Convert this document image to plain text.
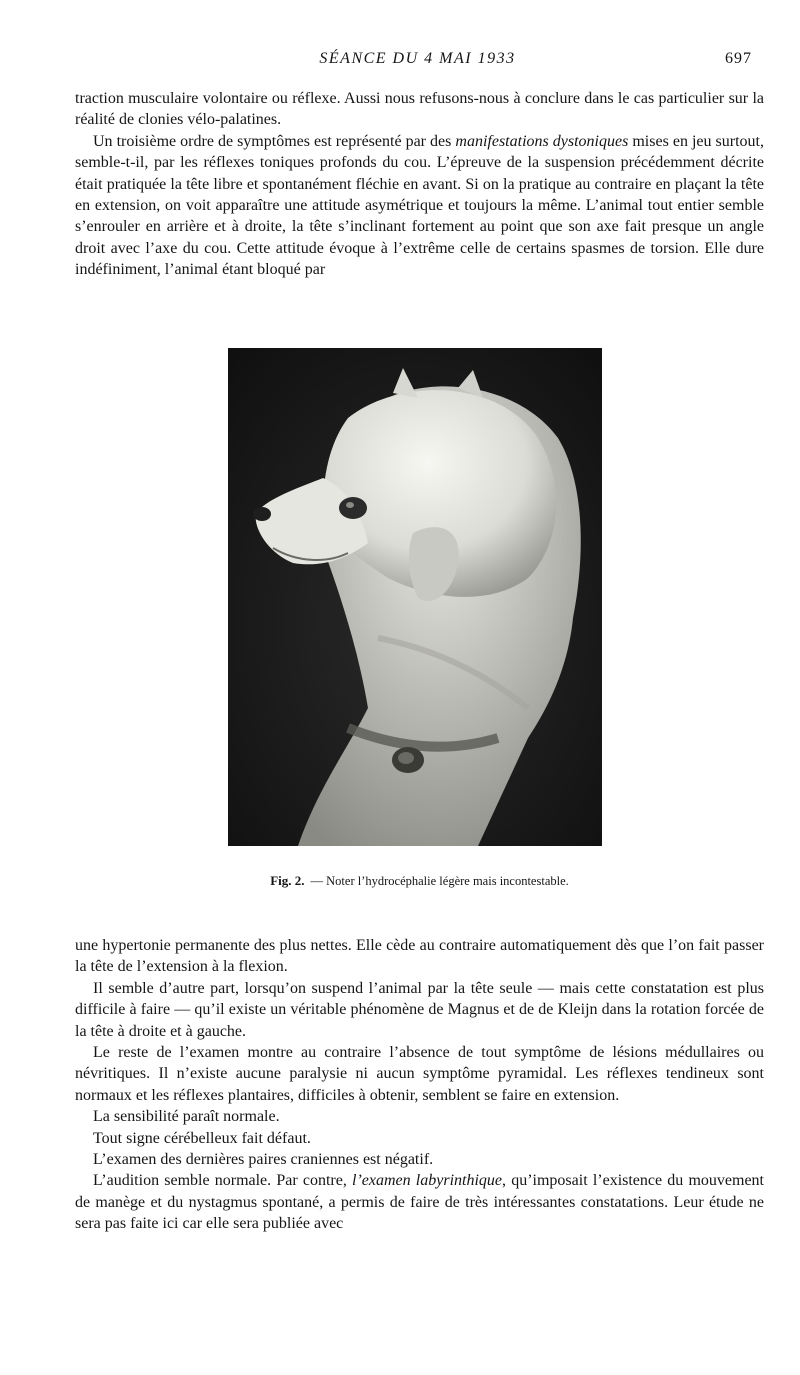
SÉANCE DU 4 MAI 1933	697

traction musculaire volontaire ou réflexe. Aussi nous refusons-nous à conclure dans le cas particulier sur la réalité de clonies vélo-palatines.

Un troisième ordre de symptômes est représenté par des manifestations dystoniques mises en jeu surtout, semble-t-il, par les réflexes toniques profonds du cou. L’épreuve de la suspension précédemment décrite était pratiquée la tête libre et spontanément fléchie en avant. Si on la pratique au contraire en plaçant la tête en extension, on voit apparaître une attitude asymétrique et toujours la même. L’animal tout entier semble s’enrouler en arrière et à droite, la tête s’inclinant fortement au point que son axe fait presque un angle droit avec l’axe du cou. Cette attitude évoque à l’extrême celle de certains spasmes de torsion. Elle dure indéfiniment, l’animal étant bloqué par

Fig. 2. — Noter l’hydrocéphalie légère mais incontestable.

une hypertonie permanente des plus nettes. Elle cède au contraire automatiquement dès que l’on fait passer la tête de l’extension à la flexion.

Il semble d’autre part, lorsqu’on suspend l’animal par la tête seule — mais cette constatation est plus difficile à faire — qu’il existe un véritable phénomène de Magnus et de de Kleijn dans la rotation forcée de la tête à droite et à gauche.

Le reste de l’examen montre au contraire l’absence de tout symptôme de lésions médullaires ou névritiques. Il n’existe aucune paralysie ni aucun symptôme pyramidal. Les réflexes tendineux sont normaux et les réflexes plantaires, difficiles à obtenir, semblent se faire en extension.

La sensibilité paraît normale.

Tout signe cérébelleux fait défaut.

L’examen des dernières paires craniennes est négatif.

L’audition semble normale. Par contre, l’examen labyrinthique, qu’imposait l’existence du mouvement de manège et du nystagmus spontané, a permis de faire de très intéressantes constatations. Leur étude ne sera pas faite ici car elle sera publiée avec
